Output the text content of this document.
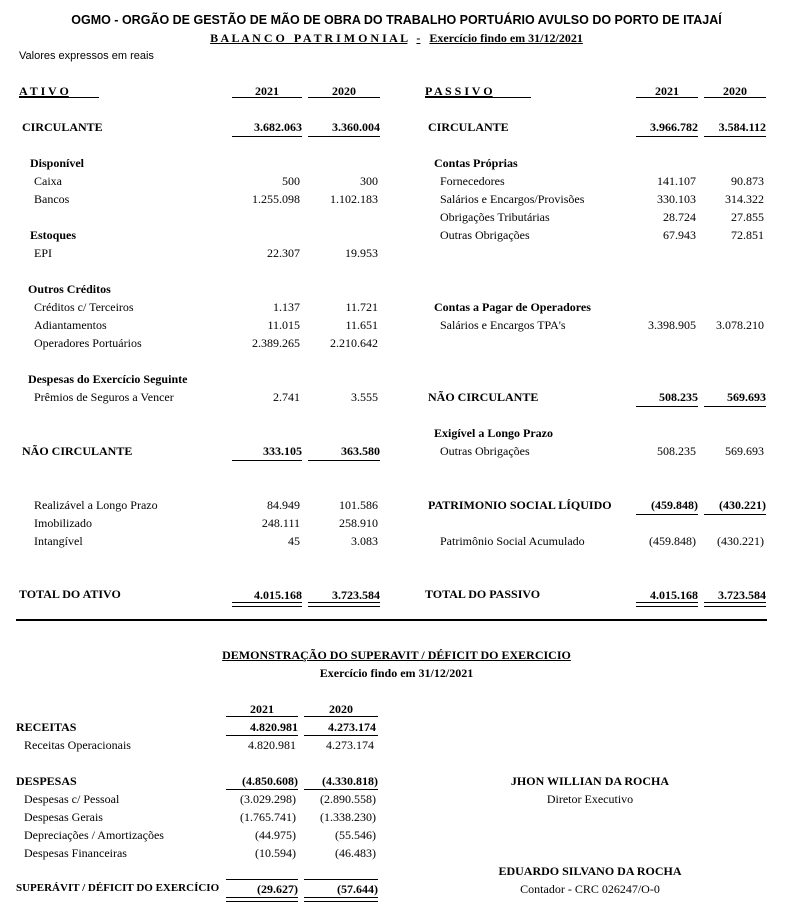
OGMO - ORGÃO DE GESTÃO DE MÃO DE OBRA DO TRABALHO PORTUÁRIO AVULSO DO PORTO DE ITAJAÍ
B A L A N C O   P A T R I M O N I A L - Exercício findo em 31/12/2021
Valores expressos em reais
A T I V O	2021	2020	P A S S I V O	2021	2020
CIRCULANTE	3.682.063	3.360.004
Disponível
Caixa	500	300
Bancos	1.255.098	1.102.183
Estoques
EPI	22.307	19.953
Outros Créditos
Créditos c/ Terceiros	1.137	11.721
Adiantamentos	11.015	11.651
Operadores Portuários	2.389.265	2.210.642
Despesas do Exercício Seguinte
Prêmios de Seguros a Vencer	2.741	3.555
NÃO CIRCULANTE	333.105	363.580
Realizável a Longo Prazo	84.949	101.586
Imobilizado	248.111	258.910
Intangível	45	3.083
TOTAL DO ATIVO	4.015.168	3.723.584
CIRCULANTE	3.966.782	3.584.112
Contas Próprias
Fornecedores	141.107	90.873
Salários e Encargos/Provisões	330.103	314.322
Obrigações Tributárias	28.724	27.855
Outras Obrigações	67.943	72.851
Contas a Pagar de Operadores
Salários e Encargos TPA's	3.398.905	3.078.210
NÃO CIRCULANTE	508.235	569.693
Exigível a Longo Prazo
Outras Obrigações	508.235	569.693
PATRIMONIO SOCIAL LÍQUIDO	(459.848)	(430.221)
Patrimônio Social Acumulado	(459.848)	(430.221)
TOTAL DO PASSIVO	4.015.168	3.723.584
DEMONSTRAÇÃO DO SUPERAVIT / DÉFICIT DO EXERCICIO
Exercício findo em 31/12/2021
2021	2020
RECEITAS	4.820.981	4.273.174
Receitas Operacionais	4.820.981	4.273.174
DESPESAS	(4.850.608)	(4.330.818)
Despesas c/ Pessoal	(3.029.298)	(2.890.558)
Despesas Gerais	(1.765.741)	(1.338.230)
Depreciações / Amortizações	(44.975)	(55.546)
Despesas Financeiras	(10.594)	(46.483)
SUPERÁVIT / DÉFICIT DO EXERCÍCIO	(29.627)	(57.644)
JHON WILLIAN DA ROCHA
Diretor Executivo
EDUARDO SILVANO DA ROCHA
Contador - CRC 026247/O-0
